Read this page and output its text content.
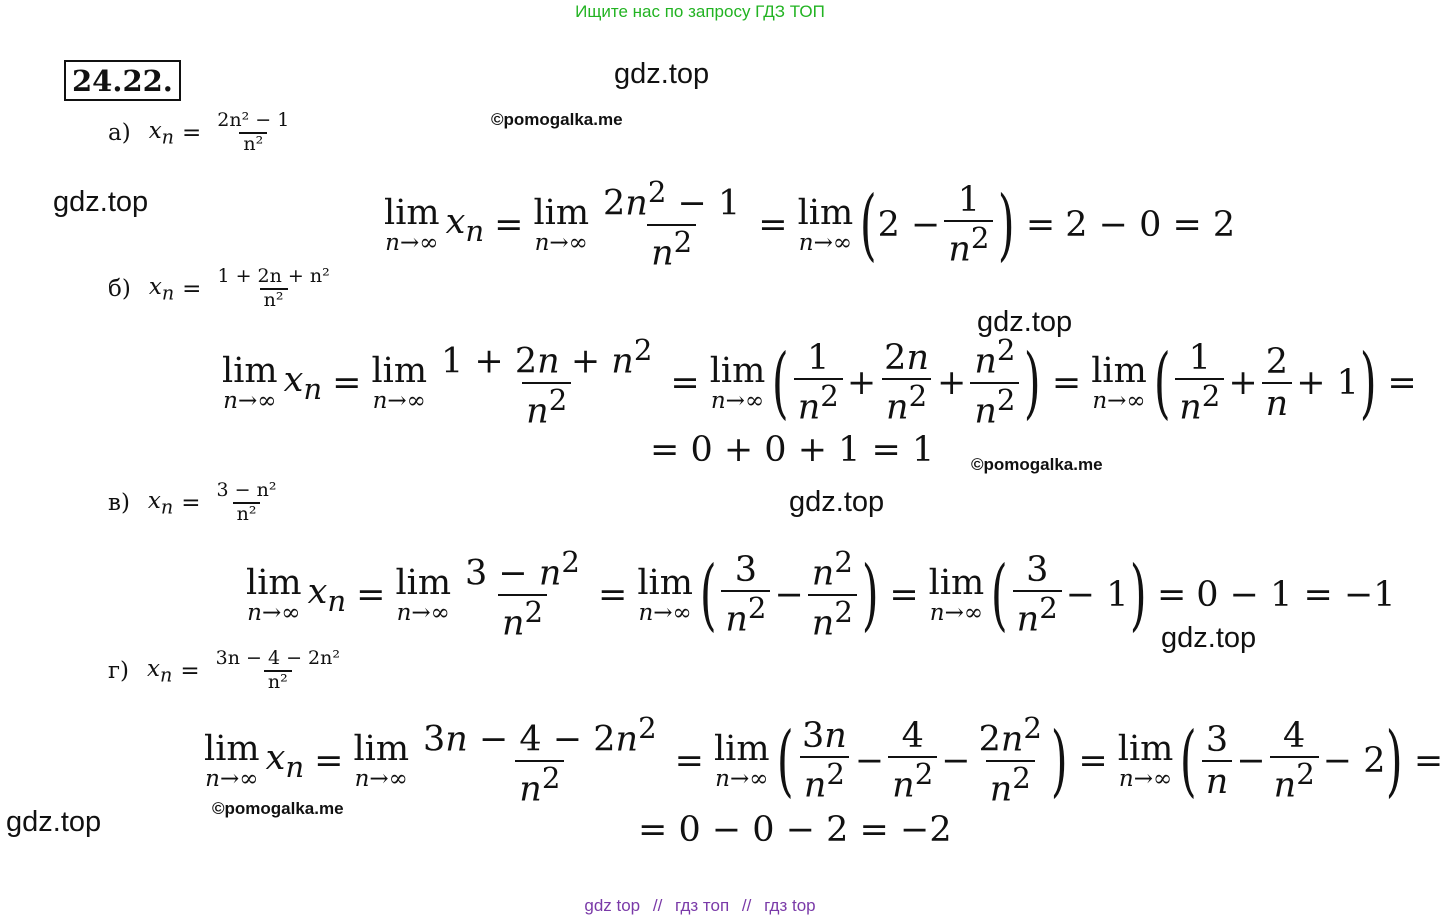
Ищите нас по запросу ГДЗ ТОП
24.22.	gdz.top
©pomogalka.me
gdz.top
gdz.top
©pomogalka.me
gdz.top
gdz.top
©pomogalka.me
gdz.top
а) $x_n = \frac{\text{2n² − 1}}{\text{n²}}$
lim
n→∞
$x_n = \lim$
$n\to\infty \frac{2n^2 - 1}{n^2} = \lim$
n→∞ ( 2 −
1
$n^2$ ) = 2 − 0 = 2
б) $x_n = \frac{\text{1 + 2n + n²}}{\text{n²}}$
lim
n→∞
$x_n = \lim$
$n\to\infty \frac{1 + 2n + n^2}{n^2} = \lim$
n→∞ ( 1
$n^2$ +
2n
$n^2$ +
$n^2$
$n^2$ ) = lim
n→∞ ( 1
$n^2$ +
2
n
+ 1 ) =
= 0 + 0 + 1 = 1
в) $x_n = \frac{\text{3 − n²}}{\text{n²}}$
lim
n→∞
$x_n = \lim$
$n\to\infty \frac{3 - n^2}{n^2} = \lim$
n→∞ ( 3
$n^2$ −
$n^2$
$n^2$ ) = lim
n→∞ ( 3
$n^2 - 1$ ) = 0 − 1 = −1
г) $x_n = \frac{\text{3n − 4 − 2n²}}{\text{n²}}$
lim
n→∞
$x_n = \lim$
$n\to\infty \frac{3n - 4 - 2n^2}{n^2} = \lim$
n→∞ ( 3n
$n^2$ −
4
$n^2$ −
$2n^2$
$n^2$ ) = lim
n→∞ ( 3
n
−
4
$n^2 - 2$ ) =
= 0 − 0 − 2 = −2
gdz top // гдз топ // гдз top
